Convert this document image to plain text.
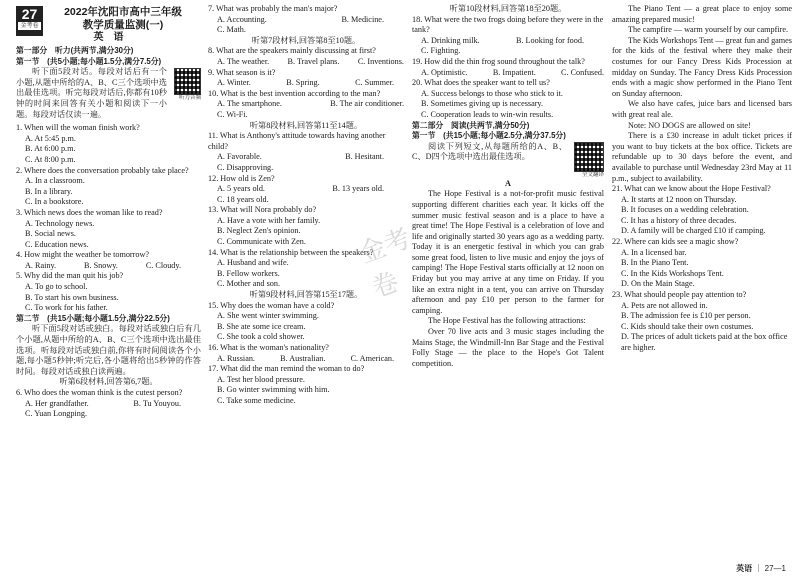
27
金考卷
2022年沈阳市高中三年级
教学质量监测(一)
英　语

第一部分　听力(共两节,满分30分)

第一节　(共5小题;每小题1.5分,满分7.5分)

听力音频

听下面5段对话。每段对话后有一个小题,从题中所给的A、B、C三个选项中选出最佳选项。听完每段对话后,你都有10秒钟的时间来回答有关小题和阅读下一小题。每段对话仅读一遍。

1. When will the woman finish work?

A. At 5:45 p.m.

B. At 6:00 p.m.

C. At 8:00 p.m.

2. Where does the conversation probably take place?

A. In a classroom.

B. In a library.

C. In a bookstore.

3. Which news does the woman like to read?

A. Technology news.

B. Social news.

C. Education news.

4. How might the weather be tomorrow?

A. Rainy.	B. Snowy.	C. Cloudy.

5. Why did the man quit his job?

A. To go to school.

B. To start his own business.

C. To work for his father.

第二节　(共15小题;每小题1.5分,满分22.5分)

听下面5段对话或独白。每段对话或独白后有几个小题,从题中所给的A、B、C三个选项中选出最佳选项。听每段对话或独白前,你将有时间阅读各个小题,每小题5秒钟;听完后,各小题将给出5秒钟的作答时间。每段对话或独白读两遍。

听第6段材料,回答第6,7题。

6. Who does the woman think is the cutest person?

A. Her grandfather.	B. Tu Youyou.

C. Yuan Longping.

7. What was probably the man's major?

A. Accounting.	B. Medicine.

C. Math.

听第7段材料,回答第8至10题。

8. What are the speakers mainly discussing at first?

A. The weather. B. Travel plans. C. Inventions.

9. What season is it?

A. Winter.	B. Spring.	C. Summer.

10. What is the best invention according to the man?

A. The smartphone.	B. The air conditioner.

C. Wi-Fi.

听第8段材料,回答第11至14题。

11. What is Anthony's attitude towards having another child?

A. Favorable.	B. Hesitant.

C. Disapproving.

12. How old is Zen?

A. 5 years old.	B. 13 years old.

C. 18 years old.

13. What will Nora probably do?

A. Have a vote with her family.

B. Neglect Zen's opinion.

C. Communicate with Zen.

14. What is the relationship between the speakers?

A. Husband and wife.

B. Fellow workers.

C. Mother and son.

听第9段材料,回答第15至17题。

15. Why does the woman have a cold?

A. She went winter swimming.

B. She ate some ice cream.

C. She took a cold shower.

16. What is the woman's nationality?

A. Russian.	B. Australian.	C. American.

17. What did the man remind the woman to do?

A. Test her blood pressure.

B. Go winter swimming with him.

C. Take some medicine.

听第10段材料,回答第18至20题。

18. What were the two frogs doing before they were in the tank?

A. Drinking milk.	B. Looking for food.

C. Fighting.

19. How did the thin frog sound throughout the talk?

A. Optimistic.	B. Impatient.	C. Confused.

20. What does the speaker want to tell us?

A. Success belongs to those who stick to it.

B. Sometimes giving up is necessary.

C. Cooperation leads to win-win results.

第二部分　阅读(共两节,满分50分)

第一节　(共15小题;每小题2.5分,满分37.5分)

全文翻译

阅读下列短文,从每题所给的A、B、C、D四个选项中选出最佳选项。

A

The Hope Festival is a not-for-profit music festival supporting different charities each year. It kicks off the summer music festival season and is a place to have a great time! The Hope Festival is a celebration of love and life and originally started 30 years ago as a wedding party. Today it is an energetic festival in which you can grab some great food, listen to live music and enjoy the joys of camping! The Hope Festival starts officially at 12 noon on Friday but you may arrive at any time on Friday. If you like an extra night in a tent, you can arrive on Thursday afternoon and pay £10 per person to the farmer for camping.

The Hope Festival has the following attractions:

Over 70 live acts and 3 music stages including the Mains Stage, the Windmill-Inn Bar Stage and the Festival Folly Stage — the place to the Hope's Got Talent competition.

The Piano Tent — a great place to enjoy some amazing prepared music!

The campfire — warm yourself by our campfire.

The Kids Workshops Tent — great fun and games for the kids of the festival where they make their costumes for our Fancy Dress Kids Procession at midday on Sunday. The Fancy Dress Kids Procession ends with a magic show performed in the Piano Tent on Sunday afternoon.

We also have cafes, juice bars and licensed bars with great real ale.

Note: NO DOGS are allowed on site!

There is a £30 increase in adult ticket prices if you want to buy tickets at the box office. Tickets are refundable up to 30 days before the event, and available to purchase until Wednesday 23rd May at 11 p.m., subject to availability.

21. What can we know about the Hope Festival?

A. It starts at 12 noon on Thursday.

B. It focuses on a wedding celebration.

C. It has a history of three decades.

D. A family will be charged £10 if camping.

22. Where can kids see a magic show?

A. In a licensed bar.

B. In the Piano Tent.

C. In the Kids Workshops Tent.

D. On the Main Stage.

23. What should people pay attention to?

A. Pets are not allowed in.

B. The admission fee is £10 per person.

C. Kids should take their own costumes.

D. The prices of adult tickets paid at the box office are higher.

金考卷
英语 ｜ 27—1
